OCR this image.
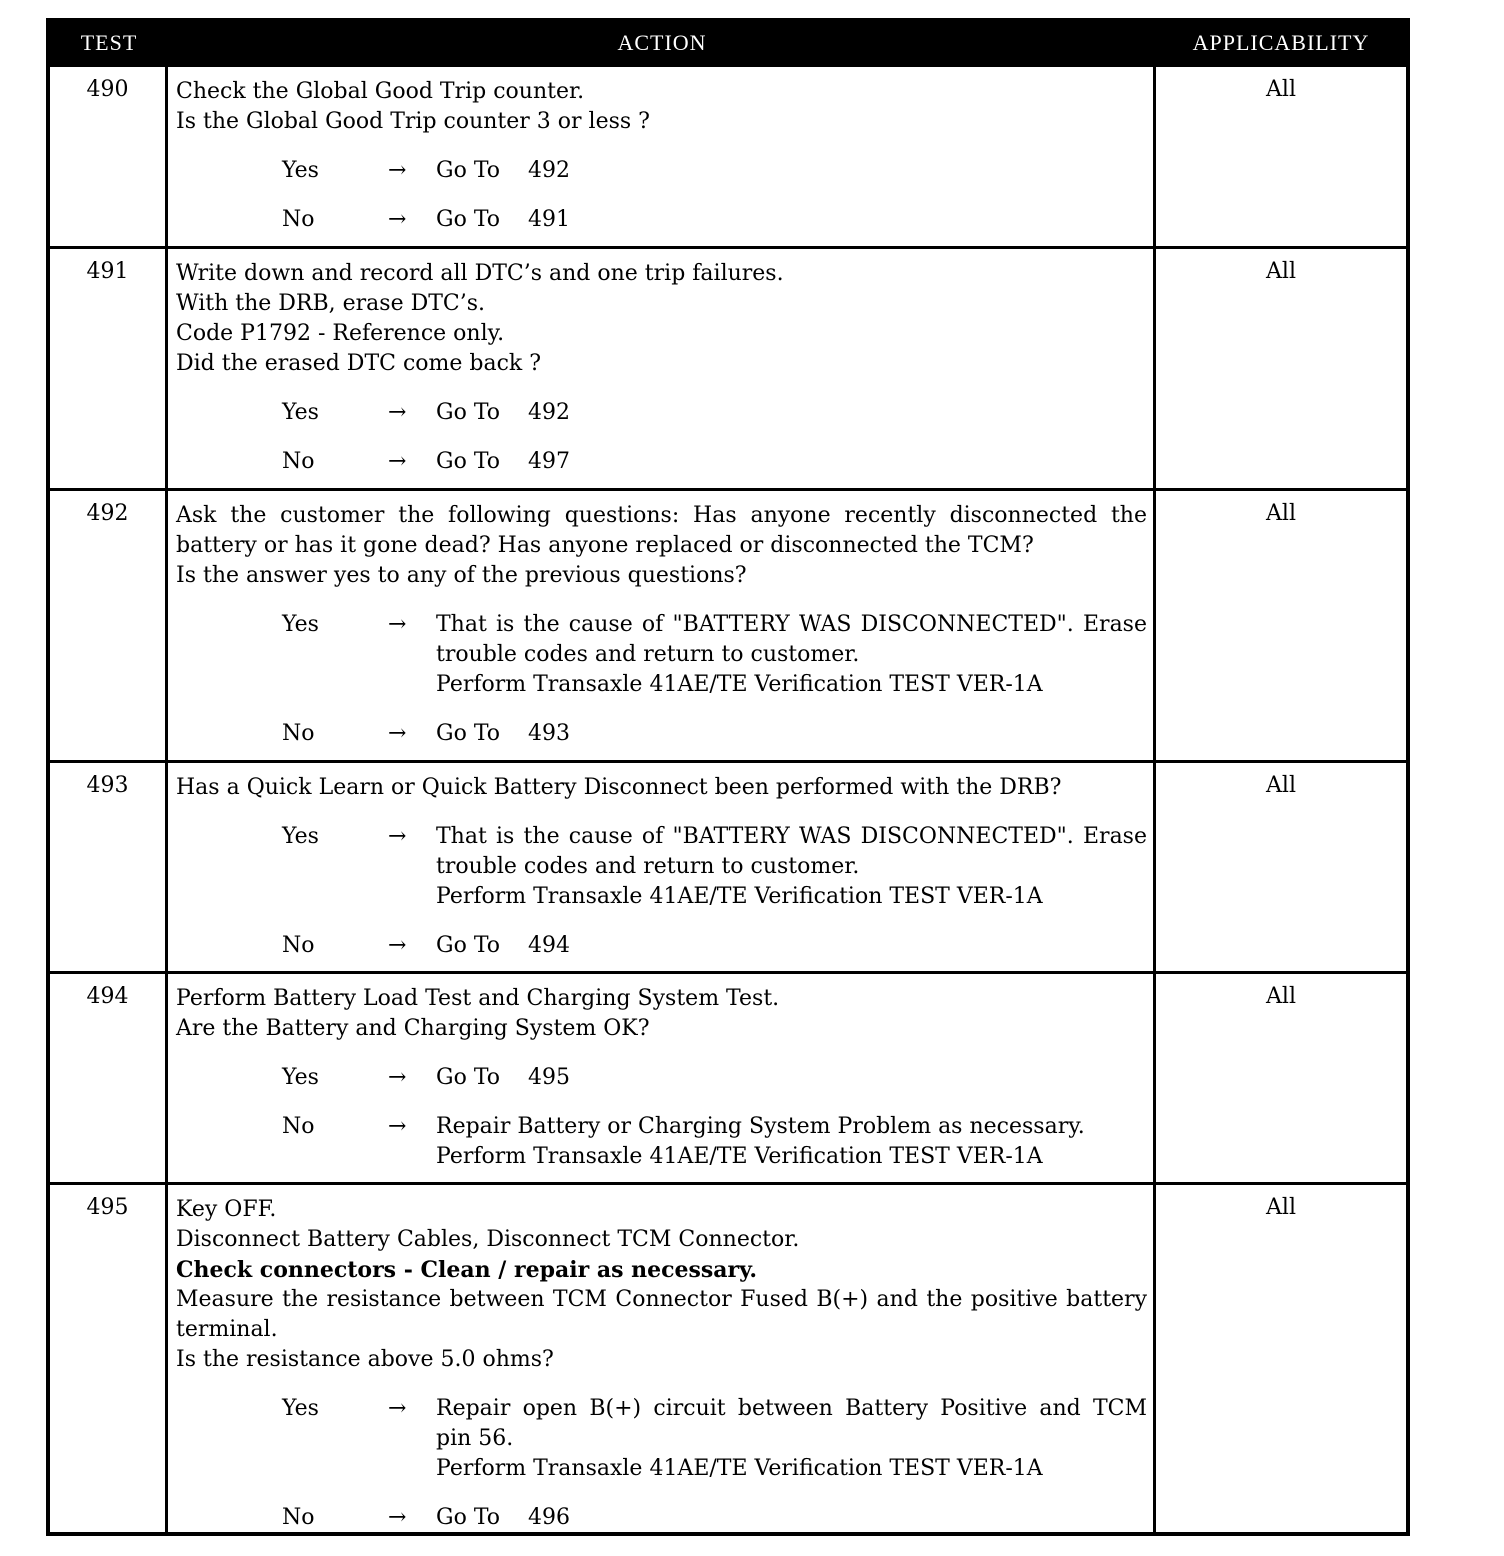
TEST	ACTION	APPLICABILITY
490	Check the Global Good Trip counter.
Is the Global Good Trip counter 3 or less ?
Yes	→	Go To 492
No	→	Go To 491
All
491	Write down and record all DTC’s and one trip failures.
With the DRB, erase DTC’s.
Code P1792 - Reference only.
Did the erased DTC come back ?
Yes	→	Go To 492
No	→	Go To 497
All
492	Ask the customer the following questions: Has anyone recently disconnected the battery or has it gone dead? Has anyone replaced or disconnected the TCM?
Is the answer yes to any of the previous questions?
Yes	→	That is the cause of "BATTERY WAS DISCONNECTED". Erase trouble codes and return to customer.
Perform Transaxle 41AE/TE Verification TEST VER-1A
No	→	Go To 493
All
493	Has a Quick Learn or Quick Battery Disconnect been performed with the DRB?
Yes	→	That is the cause of "BATTERY WAS DISCONNECTED". Erase trouble codes and return to customer.
Perform Transaxle 41AE/TE Verification TEST VER-1A
No	→	Go To 494
All
494	Perform Battery Load Test and Charging System Test.
Are the Battery and Charging System OK?
Yes	→	Go To 495
No	→	Repair Battery or Charging System Problem as necessary.
Perform Transaxle 41AE/TE Verification TEST VER-1A
All
495	Key OFF.
Disconnect Battery Cables, Disconnect TCM Connector.
Check connectors - Clean / repair as necessary.
Measure the resistance between TCM Connector Fused B(+) and the positive battery terminal.
Is the resistance above 5.0 ohms?
Yes	→	Repair open B(+) circuit between Battery Positive and TCM pin 56.
Perform Transaxle 41AE/TE Verification TEST VER-1A
No	→	Go To 496
All
